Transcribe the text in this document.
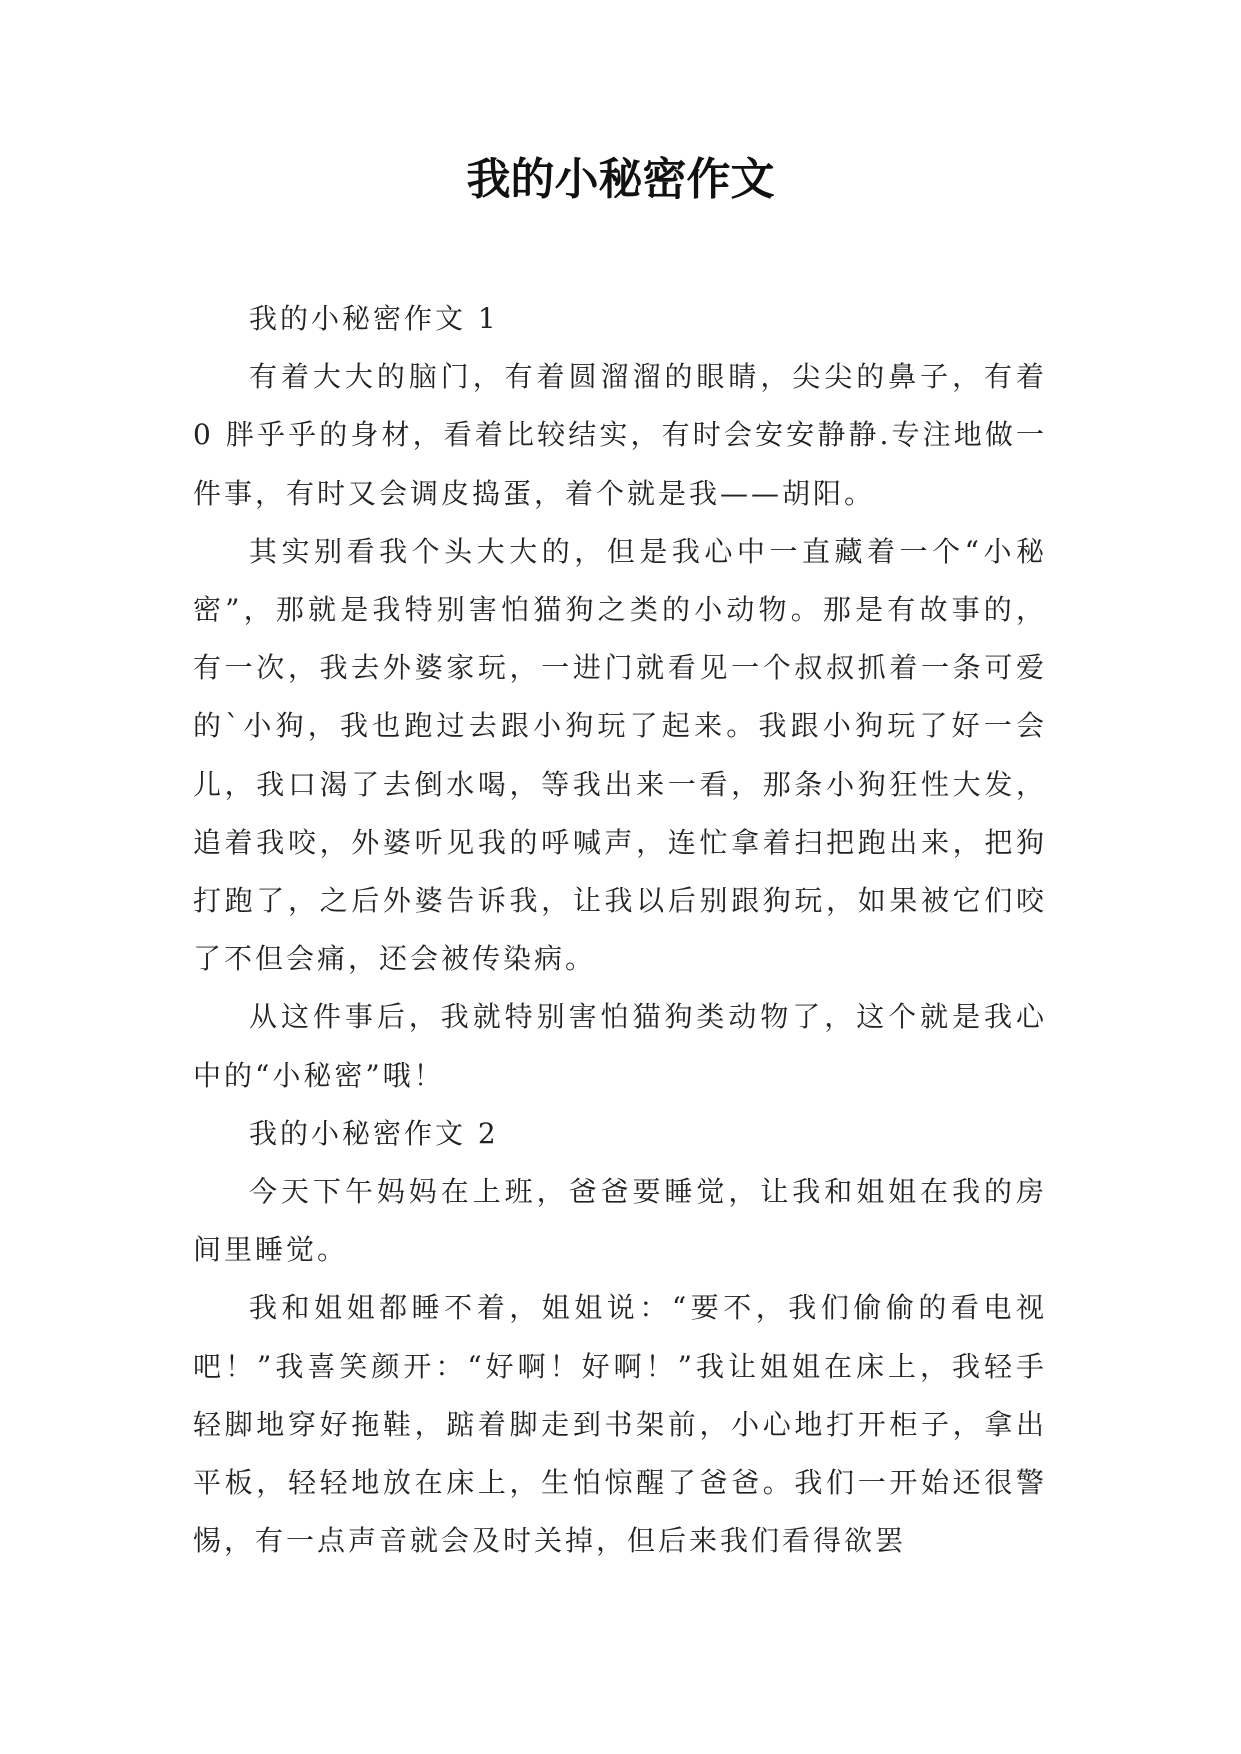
我的小秘密作文

我的小秘密作文 1

有着大大的脑门，有着圆溜溜的眼睛，尖尖的鼻子，有着 0 胖乎乎的身材，看着比较结实，有时会安安静静.专注地做一件事，有时又会调皮捣蛋，着个就是我——胡阳。

其实别看我个头大大的，但是我心中一直藏着一个“小秘密”，那就是我特别害怕猫狗之类的小动物。那是有故事的，有一次，我去外婆家玩，一进门就看见一个叔叔抓着一条可爱的`小狗，我也跑过去跟小狗玩了起来。我跟小狗玩了好一会儿，我口渴了去倒水喝，等我出来一看，那条小狗狂性大发，追着我咬，外婆听见我的呼喊声，连忙拿着扫把跑出来，把狗打跑了，之后外婆告诉我，让我以后别跟狗玩，如果被它们咬了不但会痛，还会被传染病。

从这件事后，我就特别害怕猫狗类动物了，这个就是我心中的“小秘密”哦！

我的小秘密作文 2

今天下午妈妈在上班，爸爸要睡觉，让我和姐姐在我的房间里睡觉。

我和姐姐都睡不着，姐姐说：“要不，我们偷偷的看电视吧！”我喜笑颜开：“好啊！好啊！”我让姐姐在床上，我轻手轻脚地穿好拖鞋，踮着脚走到书架前，小心地打开柜子，拿出平板，轻轻地放在床上，生怕惊醒了爸爸。我们一开始还很警惕，有一点声音就会及时关掉，但后来我们看得欲罢
